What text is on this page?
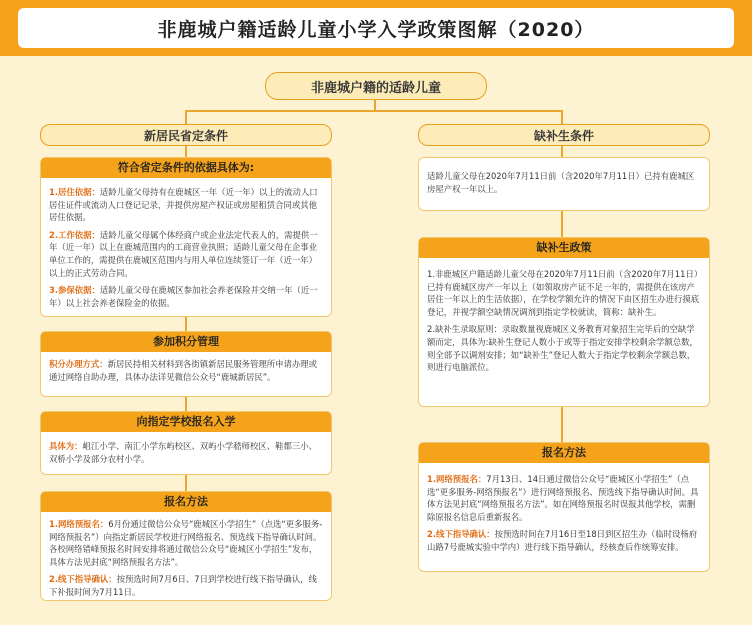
非鹿城户籍适龄儿童小学入学政策图解（2020）
非鹿城户籍的适龄儿童
新居民省定条件	缺补生条件
符合省定条件的依据具体为:

1.居住依据：适龄儿童父母持有在鹿城区一年（近一年）以上的流动人口居住证件或流动人口登记记录，并提供房屋产权证或房屋租赁合同或其他居住依据。

2.工作依据：适龄儿童父母属个体经商户或企业法定代表人的，需提供一年（近一年）以上在鹿城范围内的工商营业执照；适龄儿童父母在企事业单位工作的，需提供在鹿城区范围内与用人单位连续签订一年（近一年）以上的正式劳动合同。

3.参保依据：适龄儿童父母在鹿城区参加社会养老保险并交纳一年（近一年）以上社会养老保险金的依据。

参加积分管理

积分办理方式：新居民持相关材料到各街镇新居民服务管理所申请办理或通过网络自助办理，具体办法详见微信公众号“鹿城新居民”。

向指定学校报名入学

具体为：岨江小学、南汇小学东屿校区、双屿小学嵇师校区、鞋都三小、双桥小学及部分农村小学。

报名方法

1.网络预报名：6月份通过微信公众号“鹿城区小学招生”（点选“更多服务-网络预报名”）向指定新居民学校进行网络报名、预选线下指导确认时间。各校网络错峰预报名时间安排将通过微信公众号“鹿城区小学招生”发布，具体方法见封底“网络预报名方法”。

2.线下指导确认：按预选时间7月6日、7日到学校进行线下指导确认，线下补报时间为7月11日。

适龄儿童父母在2020年7月11日前（含2020年7月11日）已持有鹿城区房屋产权一年以上。

缺补生政策

1.非鹿城区户籍适龄儿童父母在2020年7月11日前（含2020年7月11日）已持有鹿城区房产一年以上（如領取房产证不足一年的，需提供在该房产居住一年以上的生活依据），在学校学额允许的情况下由区招生办进行摸底登记，并视学额空缺情况调剂到指定学校就读，简称：缺补生。

2.缺补生录取原则：录取数量视鹿城区义务教育对象招生完毕后的空缺学额而定，具体为:缺补生登记人数小于或等于指定安排学校剩余学额总数，则全部予以调剂安排；如“缺补生”登记人数大于指定学校剩余学额总数，则进行电脑派位。

报名方法

1.网络预报名：7月13日、14日通过微信公众号“鹿城区小学招生”（点选“更多服务-网络预报名”）进行网络预报名、预选线下指导确认时间。具体方法见封底“网络预报名方法”。如在网络预报名时误报其他学校，需删除原报名信息后重新报名。

2.线下指导确认：按预选时间在7月16日至18日到区招生办（临时设杨府山路7号鹿城实验中学内）进行线下指导确认，经核查后作统筹安排。
